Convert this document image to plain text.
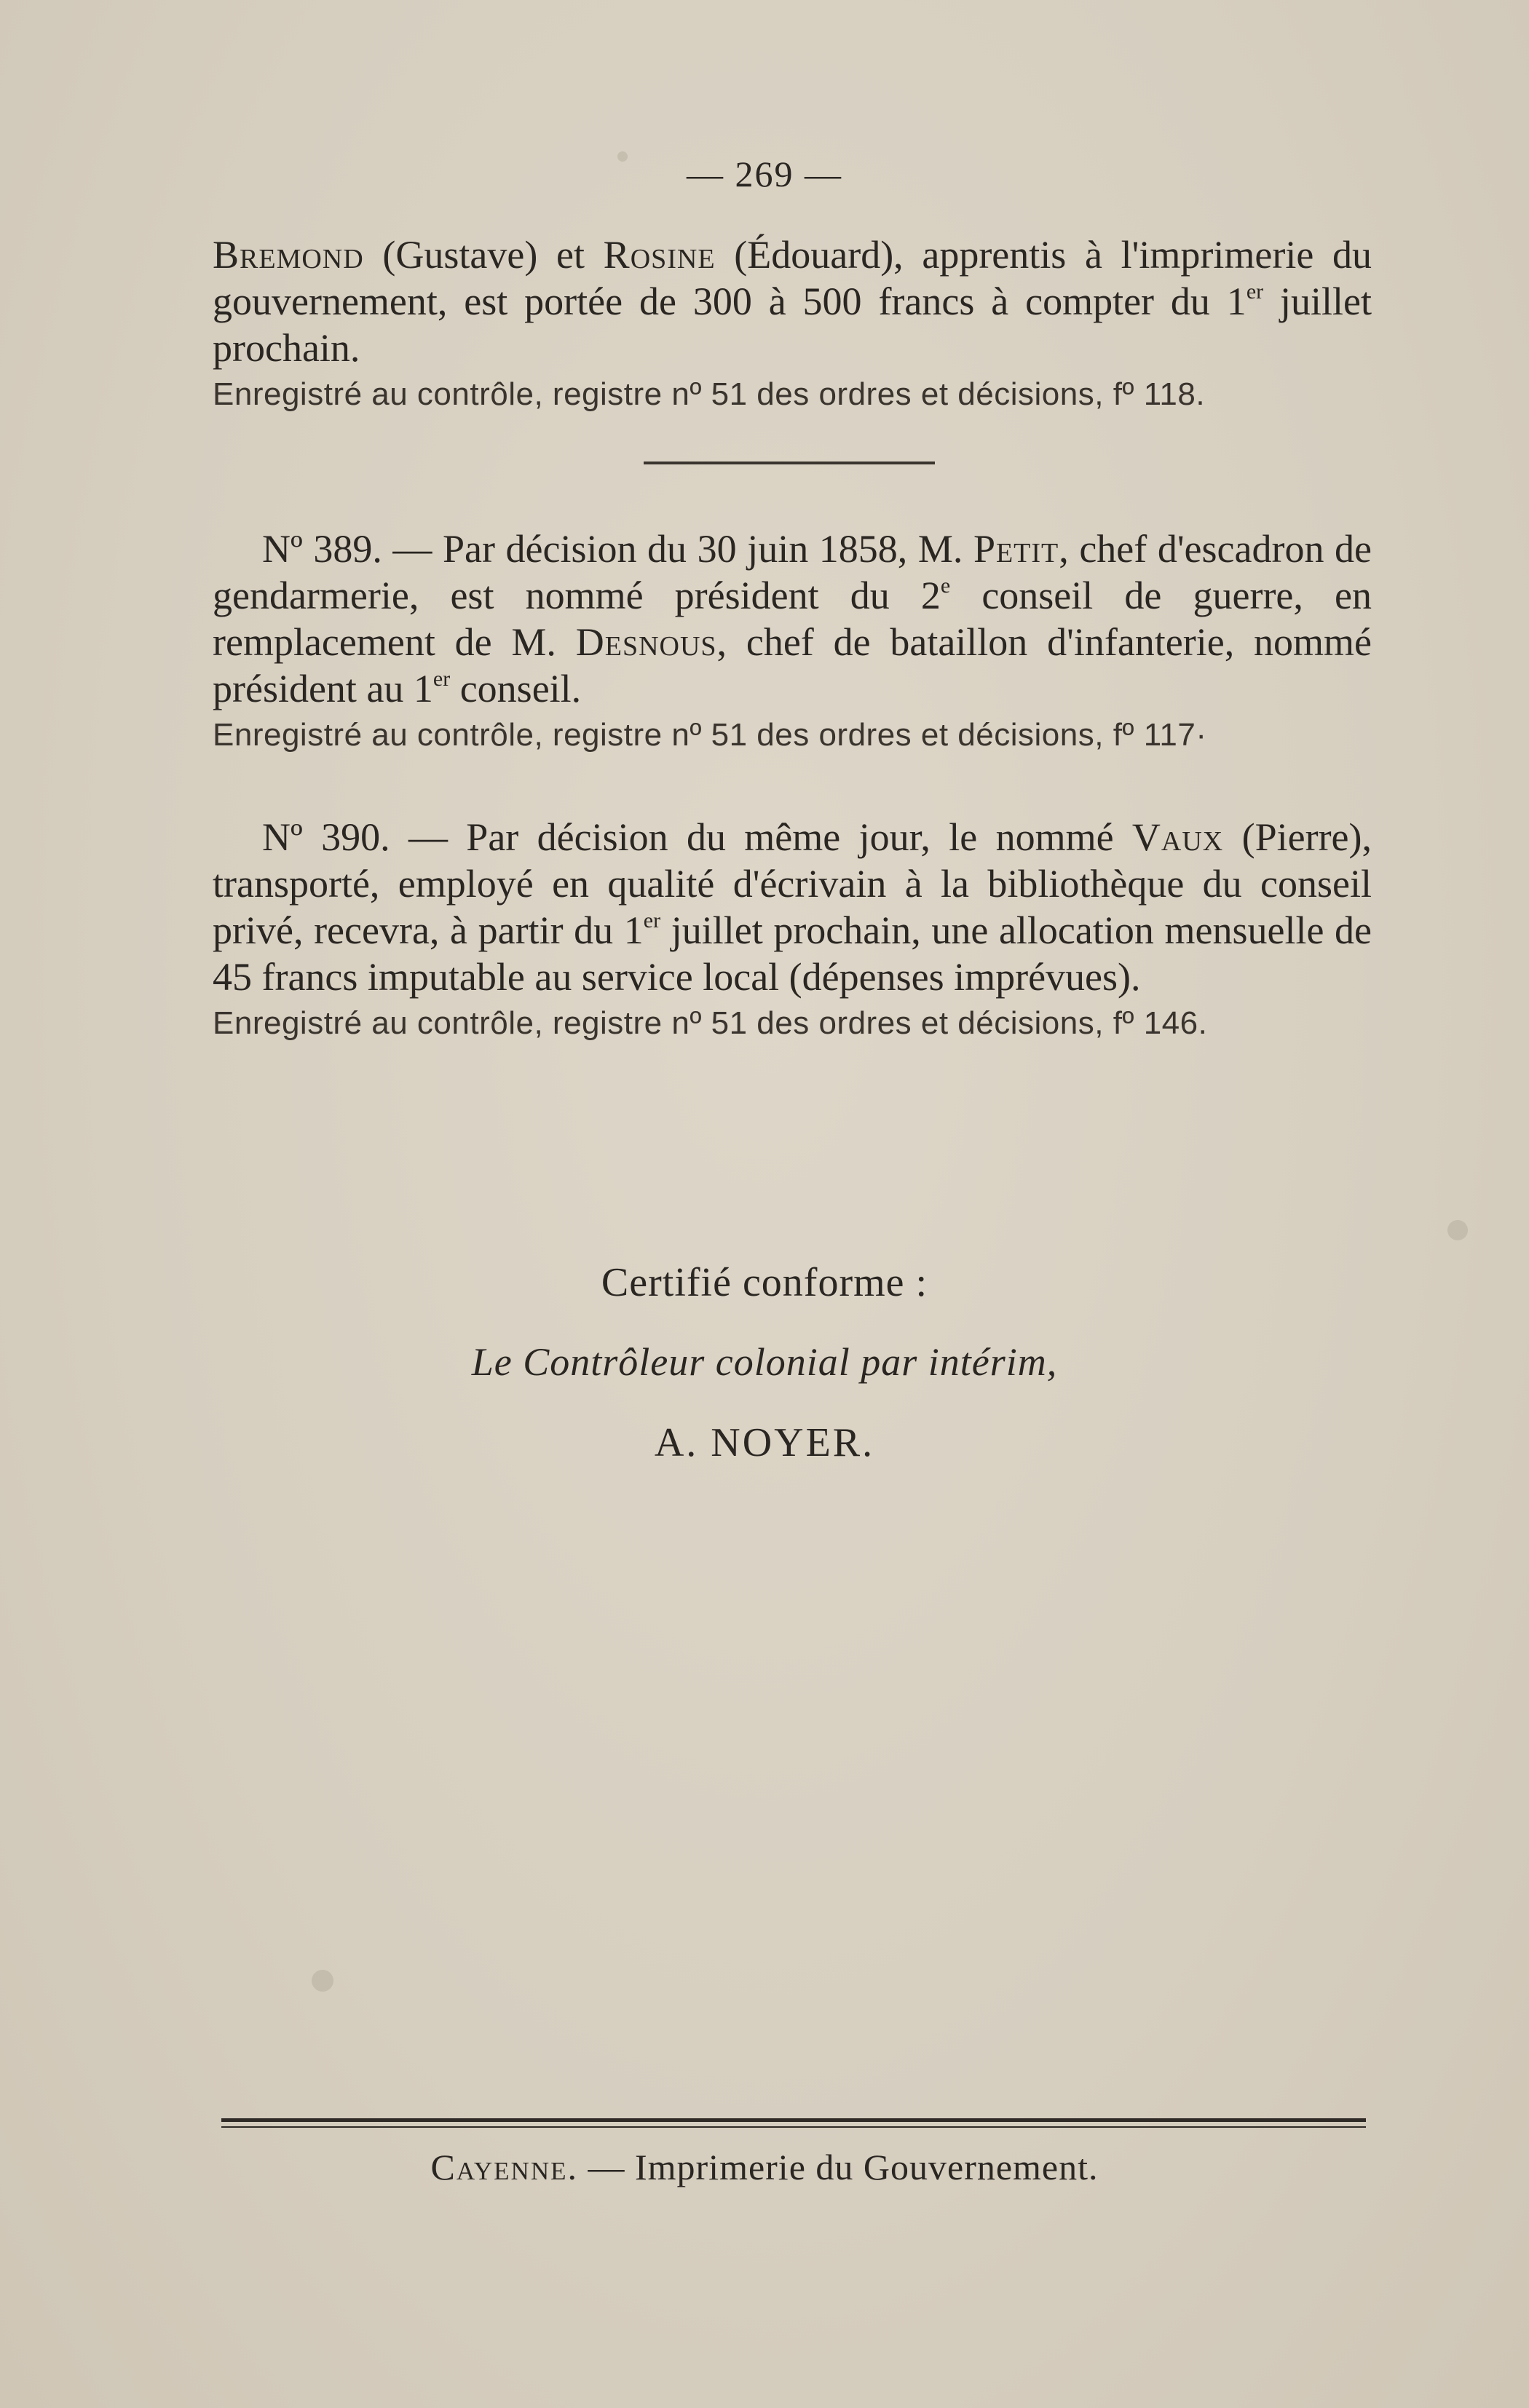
— 269 —

Bremond (Gustave) et Rosine (Édouard), apprentis à l'imprimerie du gouvernement, est portée de 300 à 500 francs à compter du 1er juillet prochain.

Enregistré au contrôle, registre nº 51 des ordres et décisions, fº 118.

Nº 389. — Par décision du 30 juin 1858, M. Petit, chef d'escadron de gendarmerie, est nommé président du 2e conseil de guerre, en remplacement de M. Desnous, chef de bataillon d'infanterie, nommé président au 1er conseil.

Enregistré au contrôle, registre nº 51 des ordres et décisions, fº 117·

Nº 390. — Par décision du même jour, le nommé Vaux (Pierre), transporté, employé en qualité d'écrivain à la bibliothèque du conseil privé, recevra, à partir du 1er juillet prochain, une allocation mensuelle de 45 francs imputable au service local (dépenses imprévues).

Enregistré au contrôle, registre nº 51 des ordres et décisions, fº 146.

Certifié conforme :
Le Contrôleur colonial par intérim,
A. NOYER.
Cayenne. — Imprimerie du Gouvernement.
